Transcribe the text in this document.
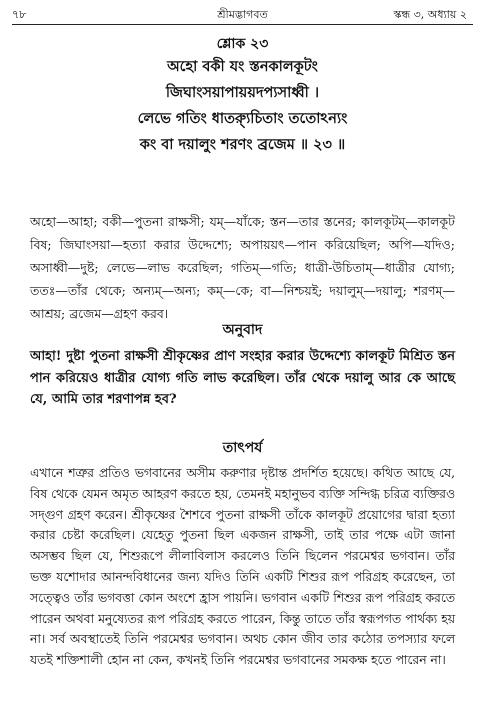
৭৮	শ্রীমদ্ভাগবত	স্কন্ধ ৩, অধ্যায় ২
শ্লোক ২৩
অহো বকী যং স্তনকালকূটং
জিঘাংসয়াপায়য়দপ্যসাধ্বী ।
লেভে গতিং ধাত্র্যুচিতাং ততোঽন্যং
কং বা দয়ালুং শরণং ব্রজেম ॥ ২৩ ॥

অহো—আহা; বকী—পুতনা রাক্ষসী; যম্—যাঁকে; স্তন—তার স্তনের; কালকূটম্—কালকূট বিষ; জিঘাংসয়া—হত্যা করার উদ্দেশ্যে; অপায়য়ৎ—পান করিয়েছিল; অপি—যদিও; অসাধ্বী—দুষ্ট; লেভে—লাভ করেছিল; গতিম্—গতি; ধাত্রী-উচিতাম্—ধাত্রীর যোগ্য; ততঃ—তাঁর থেকে; অন্যম্—অন্য; কম্—কে; বা—নিশ্চয়ই; দয়ালুম্—দয়ালু; শরণম্—আশ্রয়; ব্রজেম—গ্রহণ করব।

অনুবাদ

আহা! দুষ্টা পুতনা রাক্ষসী শ্রীকৃষ্ণের প্রাণ সংহার করার উদ্দেশ্যে কালকূট মিশ্রিত স্তন পান করিয়েও ধাত্রীর যোগ্য গতি লাভ করেছিল। তাঁর থেকে দয়ালু আর কে আছে যে, আমি তার শরণাপন্ন হব?

তাৎপর্য

এখানে শত্রুর প্রতিও ভগবানের অসীম করুণার দৃষ্টান্ত প্রদর্শিত হয়েছে। কথিত আছে যে, বিষ থেকে যেমন অমৃত আহরণ করতে হয়, তেমনই মহানুভব ব্যক্তি সন্দিগ্ধ চরিত্র ব্যক্তিরও সদ্গুণ গ্রহণ করেন। শ্রীকৃষ্ণের শৈশবে পুতনা রাক্ষসী তাঁকে কালকূট প্রয়োগের দ্বারা হত্যা করার চেষ্টা করেছিল। যেহেতু পুতনা ছিল একজন রাক্ষসী, তাই তার পক্ষে এটা জানা অসম্ভব ছিল যে, শিশুরূপে লীলাবিলাস করলেও তিনি ছিলেন পরমেশ্বর ভগবান। তাঁর ভক্ত যশোদার আনন্দবিধানের জন্য যদিও তিনি একটি শিশুর রূপ পরিগ্রহ করেছেন, তা সত্ত্বেও তাঁর ভগবত্তা কোন অংশে হ্রাস পায়নি। ভগবান একটি শিশুর রূপ পরিগ্রহ করতে পারেন অথবা মনুষ্যেতর রূপ পরিগ্রহ করতে পারেন, কিন্তু তাতে তাঁর স্বরূপগত পার্থক্য হয় না। সর্ব অবস্থাতেই তিনি পরমেশ্বর ভগবান। অথচ কোন জীব তার কঠোর তপস্যার ফলে যতই শক্তিশালী হোন না কেন, কখনই তিনি পরমেশ্বর ভগবানের সমকক্ষ হতে পারেন না।
